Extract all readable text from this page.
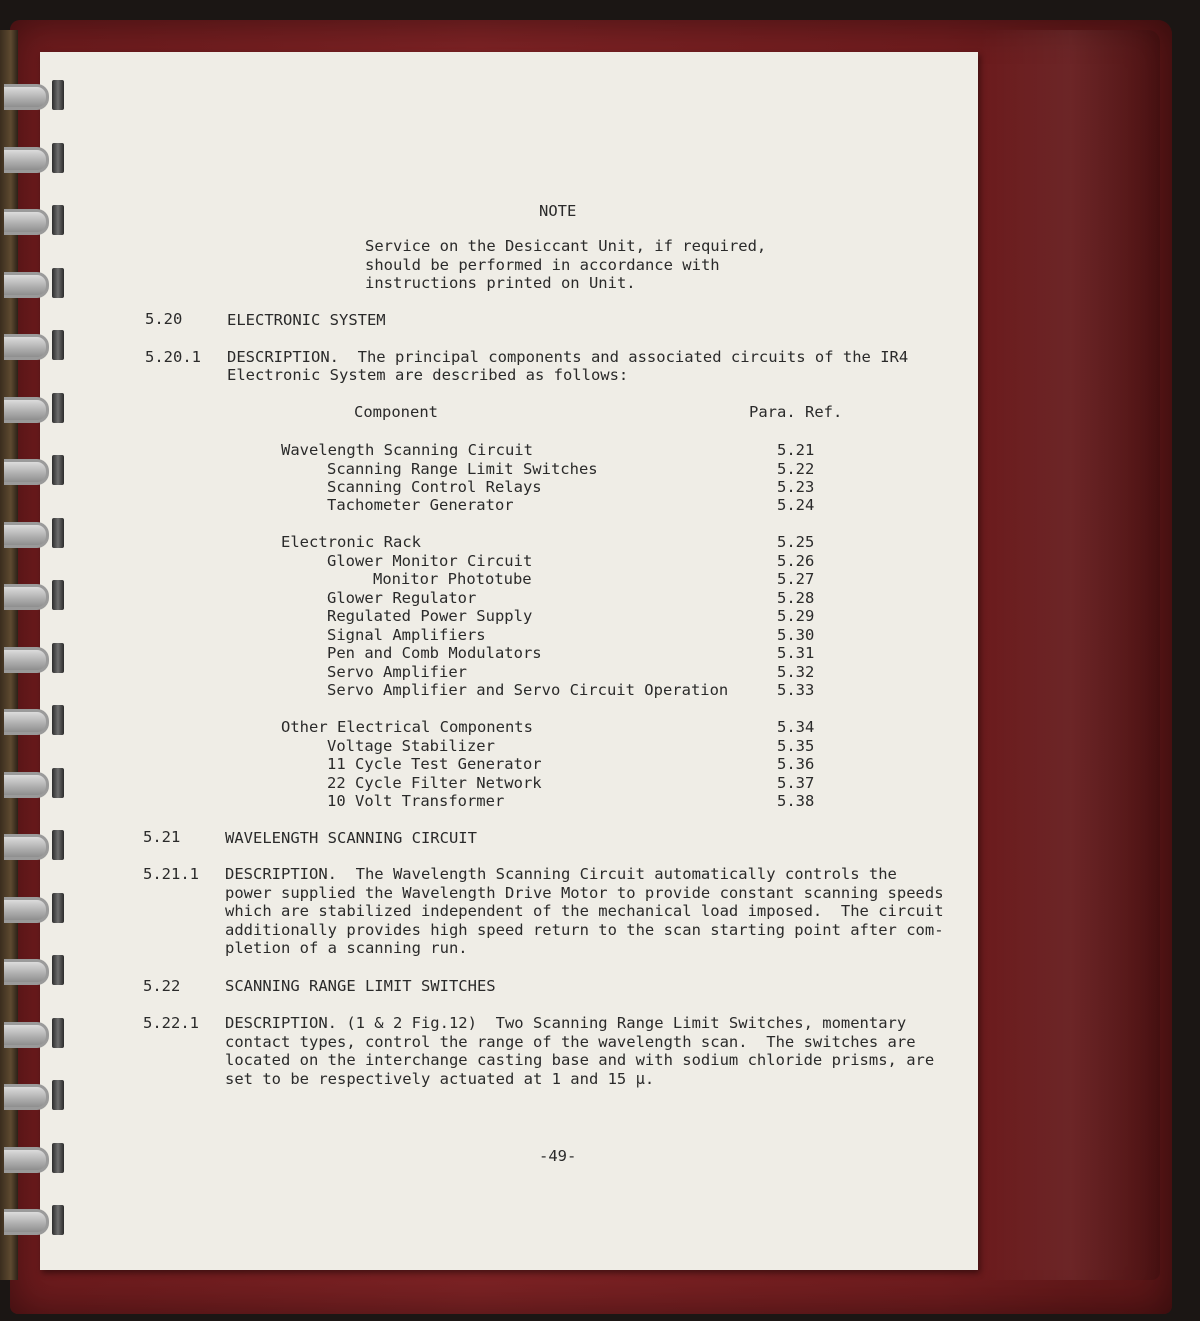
NOTE
Service on the Desiccant Unit, if required,
should be performed in accordance with
instructions printed on Unit.
5.20	ELECTRONIC SYSTEM
5.20.1 DESCRIPTION.  The principal components and associated circuits of the IR4
Electronic System are described as follows:
Component	Para. Ref.
Wavelength Scanning Circuit	5.21
Scanning Range Limit Switches	5.22
Scanning Control Relays	5.23
Tachometer Generator	5.24
Electronic Rack	5.25
Glower Monitor Circuit	5.26
Monitor Phototube	5.27
Glower Regulator	5.28
Regulated Power Supply	5.29
Signal Amplifiers	5.30
Pen and Comb Modulators	5.31
Servo Amplifier	5.32
Servo Amplifier and Servo Circuit Operation	5.33
Other Electrical Components	5.34
Voltage Stabilizer	5.35
11 Cycle Test Generator	5.36
22 Cycle Filter Network	5.37
10 Volt Transformer	5.38
5.21	WAVELENGTH SCANNING CIRCUIT
5.21.1 DESCRIPTION.  The Wavelength Scanning Circuit automatically controls the
power supplied the Wavelength Drive Motor to provide constant scanning speeds
which are stabilized independent of the mechanical load imposed.  The circuit
additionally provides high speed return to the scan starting point after com-
pletion of a scanning run.
5.22	SCANNING RANGE LIMIT SWITCHES
5.22.1 DESCRIPTION. (1 & 2 Fig.12)  Two Scanning Range Limit Switches, momentary
contact types, control the range of the wavelength scan.  The switches are
located on the interchange casting base and with sodium chloride prisms, are
set to be respectively actuated at 1 and 15 μ.
-49-
